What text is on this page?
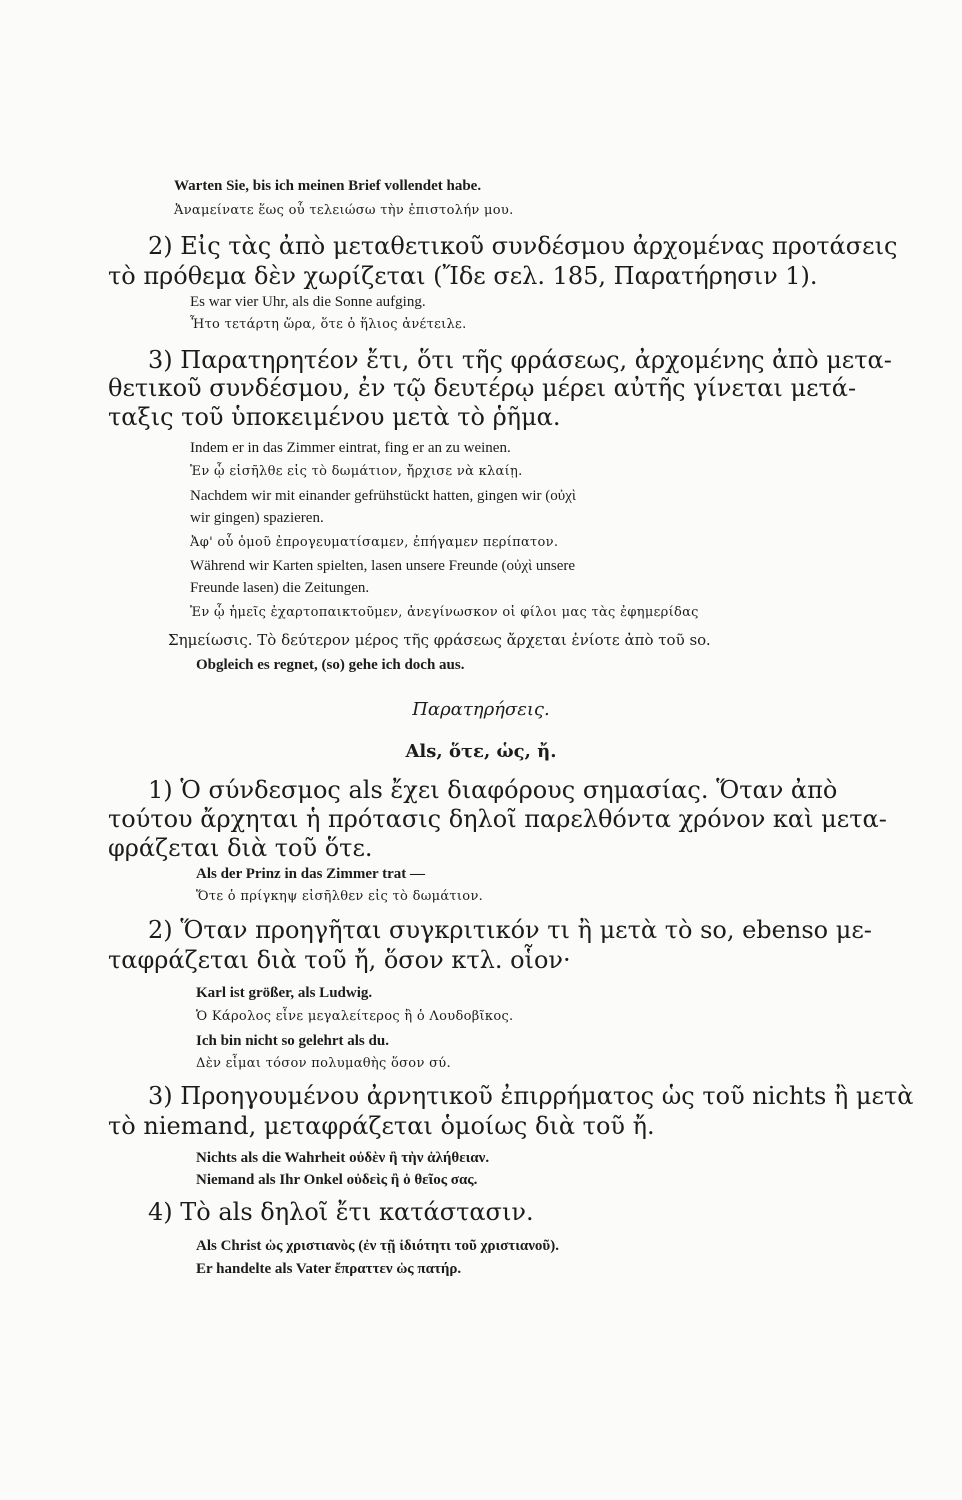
Warten Sie, bis ich meinen Brief vollendet habe.
Ἀναμείνατε ἕως οὗ τελειώσω τὴν ἐπιστολήν μου.
2) Εἰς τὰς ἀπὸ μεταθετικοῦ συνδέσμου ἀρχομένας προτάσεις
τὸ πρόθεμα δὲν χωρίζεται (Ἴδε σελ. 185, Παρατήρησιν 1).
Es war vier Uhr, als die Sonne aufging.
Ἦτο τετάρτη ὥρα, ὅτε ὁ ἥλιος ἀνέτειλε.
3) Παρατηρητέον ἔτι, ὅτι τῆς φράσεως, ἀρχομένης ἀπὸ μετα-
θετικοῦ συνδέσμου, ἐν τῷ δευτέρῳ μέρει αὐτῆς γίνεται μετά-
ταξις τοῦ ὑποκειμένου μετὰ τὸ ῥῆμα.
Indem er in das Zimmer eintrat, fing er an zu weinen.
Ἐν ᾧ εἰσῆλθε εἰς τὸ δωμάτιον, ἤρχισε νὰ κλαίῃ.
Nachdem wir mit einander gefrühstückt hatten, gingen wir (οὐχὶ
wir gingen) spazieren.
Ἀφ' οὗ ὁμοῦ ἐπρογευματίσαμεν, ἐπήγαμεν περίπατον.
Während wir Karten spielten, lasen unsere Freunde (οὐχὶ unsere
Freunde lasen) die Zeitungen.
Ἐν ᾧ ἡμεῖς ἐχαρτοπαικτοῦμεν, ἀνεγίνωσκον οἱ φίλοι μας τὰς ἐφημερίδας
Σημείωσις. Τὸ δεύτερον μέρος τῆς φράσεως ἄρχεται ἐνίοτε ἀπὸ τοῦ so.
Obgleich es regnet, (so) gehe ich doch aus.
Παρατηρήσεις.
Als, ὅτε, ὡς, ἤ.
1) Ὁ σύνδεσμος als ἔχει διαφόρους σημασίας. Ὅταν ἀπὸ
τούτου ἄρχηται ἡ πρότασις δηλοῖ παρελθόντα χρόνον καὶ μετα-
φράζεται διὰ τοῦ ὅτε.
Als der Prinz in das Zimmer trat —
Ὅτε ὁ πρίγκηψ εἰσῆλθεν εἰς τὸ δωμάτιον.
2) Ὅταν προηγῆται συγκριτικόν τι ἢ μετὰ τὸ so, ebenso με-
ταφράζεται διὰ τοῦ ἤ, ὅσον κτλ. οἷον·
Karl ist größer, als Ludwig.
Ὁ Κάρολος εἶνε μεγαλείτερος ἢ ὁ Λουδοβῖκος.
Ich bin nicht so gelehrt als du.
Δὲν εἶμαι τόσον πολυμαθὴς ὅσον σύ.
3) Προηγουμένου ἀρνητικοῦ ἐπιρρήματος ὡς τοῦ nichts ἢ μετὰ
τὸ niemand, μεταφράζεται ὁμοίως διὰ τοῦ ἤ.
Nichts als die Wahrheit οὐδὲν ἢ τὴν ἀλήθειαν.
Niemand als Ihr Onkel οὐδεὶς ἢ ὁ θεῖος σας.
4) Τὸ als δηλοῖ ἔτι κατάστασιν.
Als Christ ὡς χριστιανὸς (ἐν τῇ ἰδιότητι τοῦ χριστιανοῦ).
Er handelte als Vater ἔπραττεν ὡς πατήρ.
